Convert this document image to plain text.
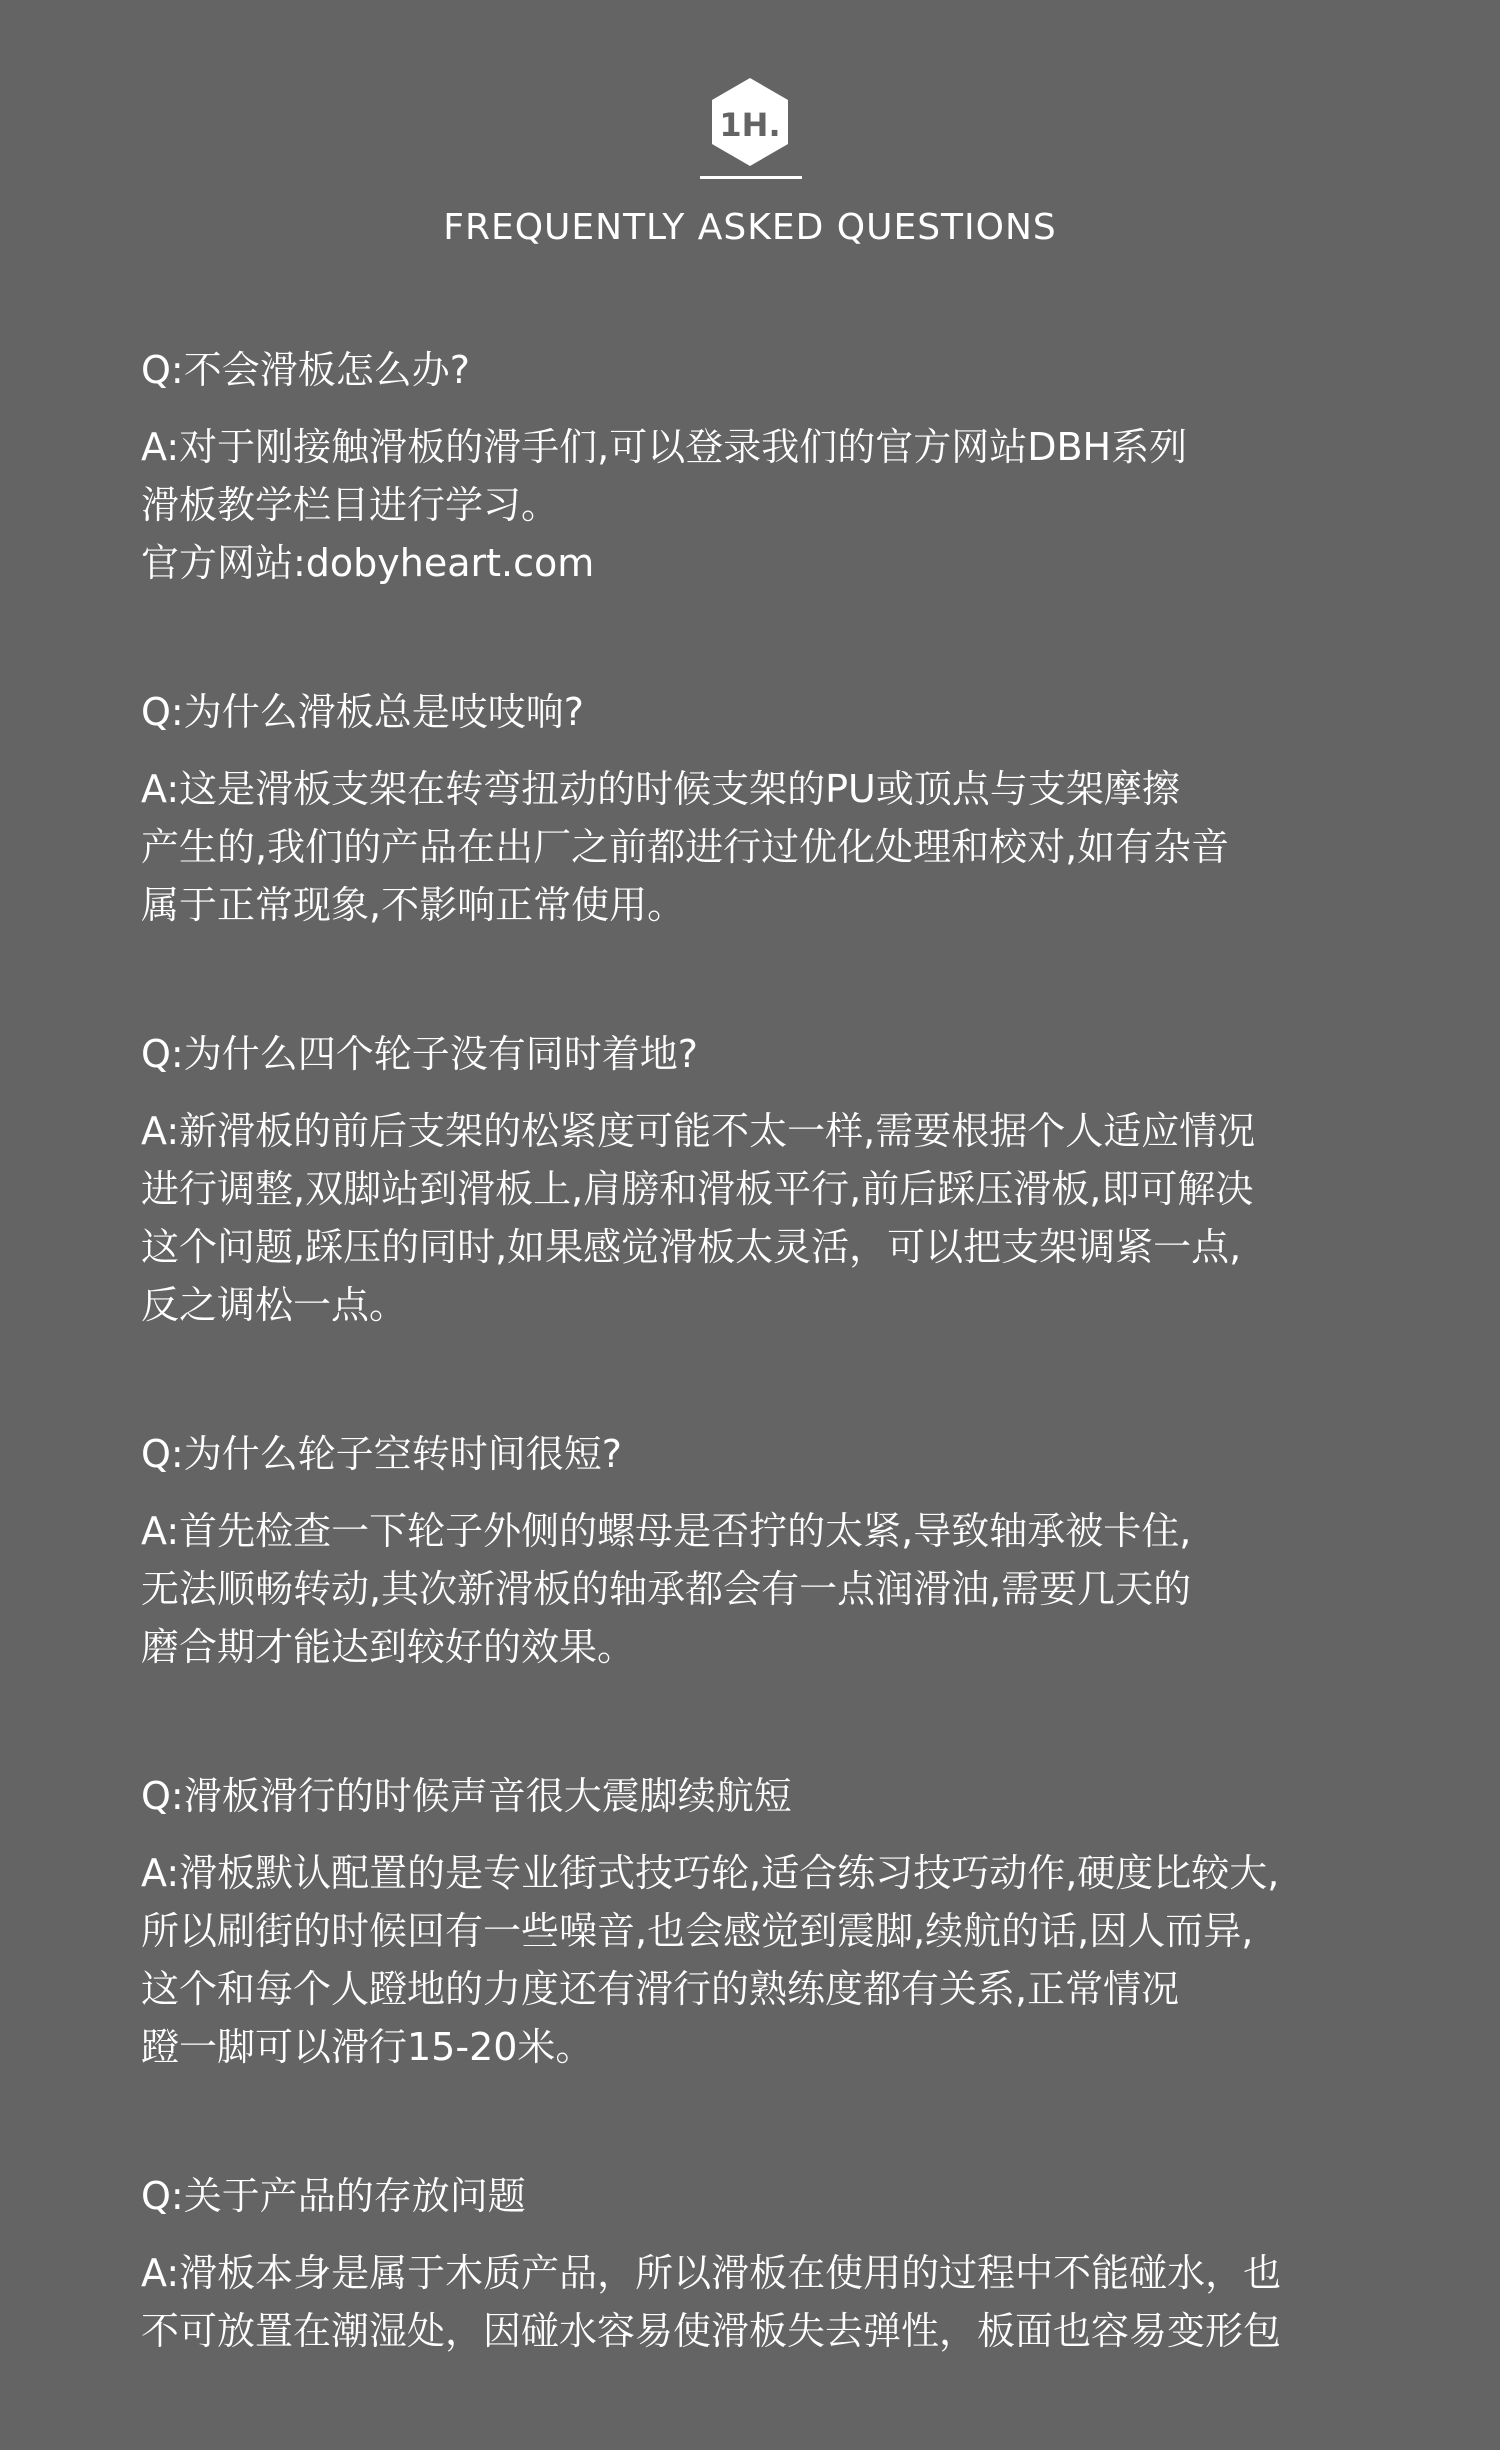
1H.
FREQUENTLY ASKED QUESTIONS
Q:不会滑板怎么办?
A:对于刚接触滑板的滑手们,可以登录我们的官方网站DBH系列
滑板教学栏目进行学习。
官方网站:dobyheart.com
Q:为什么滑板总是吱吱响?
A:这是滑板支架在转弯扭动的时候支架的PU或顶点与支架摩擦
产生的,我们的产品在出厂之前都进行过优化处理和校对,如有杂音
属于正常现象,不影响正常使用。
Q:为什么四个轮子没有同时着地?
A:新滑板的前后支架的松紧度可能不太一样,需要根据个人适应情况
进行调整,双脚站到滑板上,肩膀和滑板平行,前后踩压滑板,即可解决
这个问题,踩压的同时,如果感觉滑板太灵活，可以把支架调紧一点,
反之调松一点。
Q:为什么轮子空转时间很短?
A:首先检查一下轮子外侧的螺母是否拧的太紧,导致轴承被卡住,
无法顺畅转动,其次新滑板的轴承都会有一点润滑油,需要几天的
磨合期才能达到较好的效果。
Q:滑板滑行的时候声音很大震脚续航短
A:滑板默认配置的是专业街式技巧轮,适合练习技巧动作,硬度比较大,
所以刷街的时候回有一些噪音,也会感觉到震脚,续航的话,因人而异,
这个和每个人蹬地的力度还有滑行的熟练度都有关系,正常情况
蹬一脚可以滑行15-20米。
Q:关于产品的存放问题
A:滑板本身是属于木质产品，所以滑板在使用的过程中不能碰水，也
不可放置在潮湿处，因碰水容易使滑板失去弹性，板面也容易变形包
